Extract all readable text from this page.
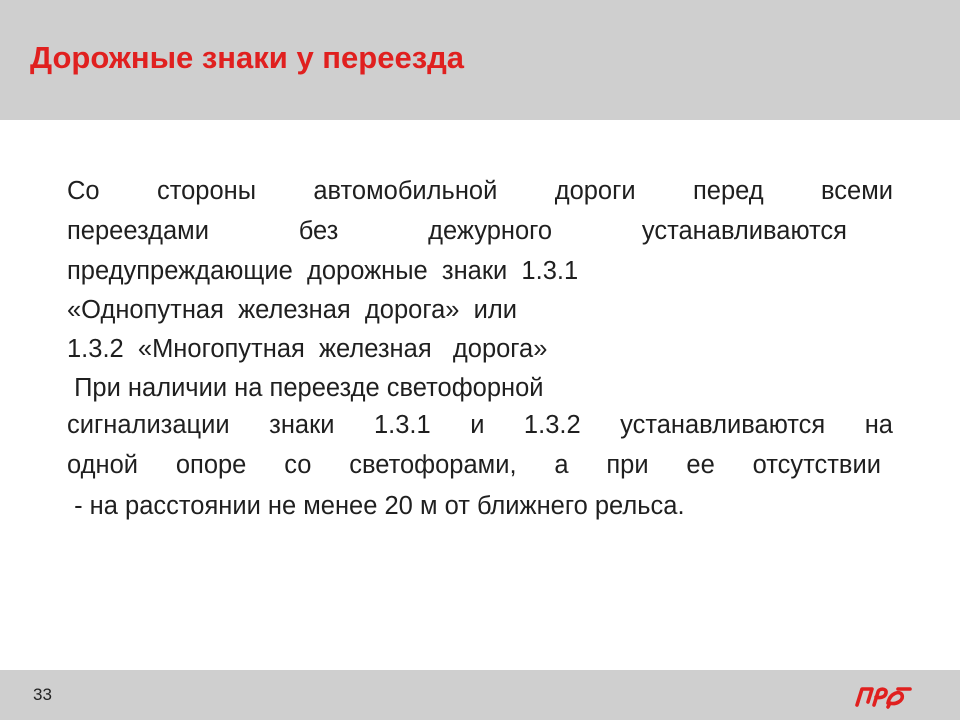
Дорожные знаки у переезда
Со стороны автомобильной дороги перед всеми
переездами	без	дежурного	устанавливаются
предупреждающие  дорожные  знаки  1.3.1
«Однопутная  железная  дорога»  или
1.3.2  «Многопутная  железная   дорога»
При наличии на переезде светофорной
сигнализации знаки 1.3.1 и 1.3.2 устанавливаются на
одной опоре со светофорами, а при ее отсутствии
- на расстоянии не менее 20 м от ближнего рельса.
33
